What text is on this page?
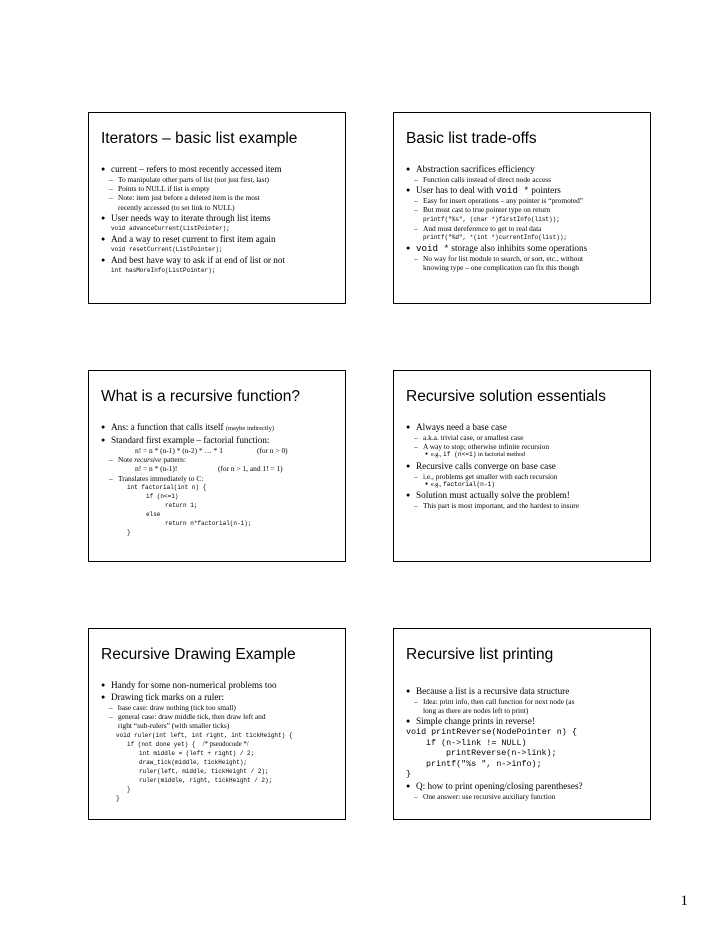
Iterators – basic list example
● current – refers to most recently accessed item
– To manipulate other parts of list (not just first, last)
– Points to NULL if list is empty
– Note: item just before a deleted item is the most
recently accessed (to set link to NULL)
● User needs way to iterate through list items
void advanceCurrent(ListPointer);
● And a way to reset current to first item again
void resetCurrent(ListPointer);
● And best have way to ask if at end of list or not
int hasMoreInfo(ListPointer);
Basic list trade-offs
● Abstraction sacrifices efficiency
– Function calls instead of direct node access
● User has to deal with void * pointers
– Easy for insert operations – any pointer is “promoted”
– But must cast to true pointer type on return
printf("%s", (char *)firstInfo(list));
– And must dereference to get to real data
printf("%d", *(int *)currentInfo(list));
● void * storage also inhibits some operations
– No way for list module to search, or sort, etc., without
knowing type – one complication can fix this though
What is a recursive function?
● Ans: a function that calls itself (maybe indirectly)
● Standard first example – factorial function:
n! = n * (n-1) * (n-2) * … * 1	(for n > 0)
– Note recursive pattern:
n! = n * (n-1)!	(for n > 1, and 1! = 1)
– Translates immediately to C:
int factorial(int n) {
if (n<=1)
return 1;
else
return n*factorial(n-1);
}
Recursive solution essentials
● Always need a base case
– a.k.a. trivial case, or smallest case
– A way to stop; otherwise infinite recursion
● e.g., if (n<=1) in factorial method
● Recursive calls converge on base case
– i.e., problems get smaller with each recursion
● e.g., factorial(n-1)
● Solution must actually solve the problem!
– This part is most important, and the hardest to insure
Recursive Drawing Example
● Handy for some non-numerical problems too
● Drawing tick marks on a ruler:
– base case: draw nothing (tick too small)
– general case: draw middle tick, then draw left and
right “sub-rulers” (with smaller ticks)
void ruler(int left, int right, int tickHeight) {
if (not done yet) { /* pseudocode */
int middle = (left + right) / 2;
draw_tick(middle, tickHeight);
ruler(left, middle, tickHeight / 2);
ruler(middle, right, tickHeight / 2);
}
}
Recursive list printing
● Because a list is a recursive data structure
– Idea: print info, then call function for next node (as
long as there are nodes left to print)
● Simple change prints in reverse!
void printReverse(NodePointer n) {
if (n->link != NULL)
printReverse(n->link);
printf("%s ", n->info);
}
● Q: how to print opening/closing parentheses?
– One answer: use recursive auxiliary function
1
